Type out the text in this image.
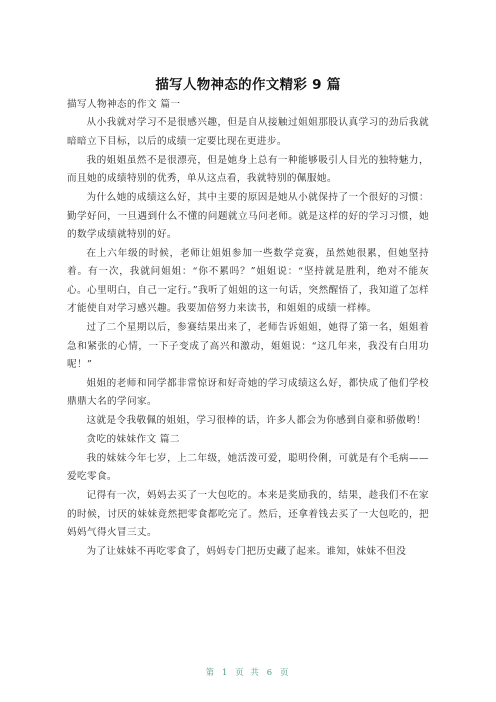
描写人物神态的作文精彩 9 篇

描写人物神态的作文 篇一

从小我就对学习不是很感兴趣，但是自从接触过姐姐那股认真学习的劲后我就暗暗立下目标，以后的成绩一定要比现在更进步。

我的姐姐虽然不是很漂亮，但是她身上总有一种能够吸引人目光的独特魅力，而且她的成绩特别的优秀，单从这点看，我就特别的佩服她。

为什么她的成绩这么好，其中主要的原因是她从小就保持了一个很好的习惯：勤学好问，一旦遇到什么不懂的问题就立马问老师。就是这样的好的学习习惯，她的数学成绩就特别的好。

在上六年级的时候，老师让姐姐参加一些数学竞赛，虽然她很累，但她坚持着。有一次，我就问姐姐：“你不累吗？”姐姐说：“坚持就是胜利，绝对不能灰心。心里明白，自己一定行。”我听了姐姐的这一句话，突然醒悟了，我知道了怎样才能使自对学习感兴趣。我要加倍努力来读书，和姐姐的成绩一样棒。

过了二个星期以后，参赛结果出来了，老师告诉姐姐，她得了第一名，姐姐着急和紧张的心情，一下子变成了高兴和激动，姐姐说：“这几年来，我没有白用功呢！”

姐姐的老师和同学都非常惊讶和好奇她的学习成绩这么好，都快成了他们学校鼎鼎大名的学问家。

这就是令我敬佩的姐姐，学习很棒的话，许多人都会为你感到自豪和骄傲哟！

贪吃的妹妹作文 篇二

我的妹妹今年七岁，上二年级，她活泼可爱，聪明伶俐，可就是有个毛病——爱吃零食。

记得有一次，妈妈去买了一大包吃的。本来是奖励我的，结果，趁我们不在家的时候，讨厌的妹妹竟然把零食都吃完了。然后，还拿着钱去买了一大包吃的，把妈妈气得火冒三丈。

为了让妹妹不再吃零食了，妈妈专门把历史藏了起来。谁知，妹妹不但没

第 1 页 共 6 页
